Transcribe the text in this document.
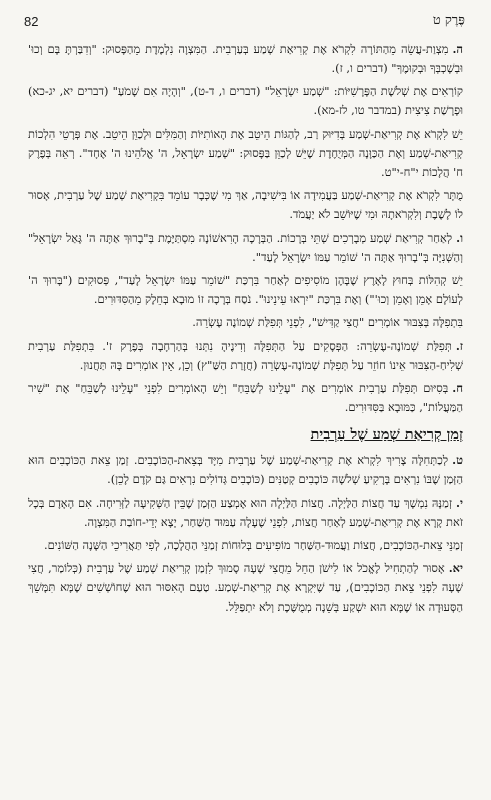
82	פֶּרֶק ט

ה.מִצְוַת-עֲשֵׂה מֵהַתּוֹרָה לִקְרֹא אֶת קְרִיאַת שְׁמַע בְּעַרְבִית. הַמִּצְוָה נִלְמֶדֶת מֵהַפָּסוּק: "וְדִבַּרְתָּ בָּם וְכוּ' וּבְשָׁכְבְּךָ וּבְקוּמֶךָ" (דברים ו, ז).

קוֹרְאִים אֶת שְׁלֹשֶׁת הַפָּרָשִׁיּוֹת: "שְׁמַע יִשְׂרָאֵל" (דברים ו, ד-ט), "וְהָיָה אִם שָׁמֹעַ" (דברים יא, יג-כא) וּפָרָשַׁת צִיצִית (במדבר טו, לז-מא).

יֵשׁ לִקְרֹא אֶת קְרִיאַת-שְׁמַע בְּדִיּוּק רַב, לְהַגּוֹת הֵיטֵב אֶת הָאוֹתִיּוֹת וְהַמִּלִּים וּלְכַוֵּן הֵיטֵב. אֶת פְּרָטֵי הִלְכוֹת קְרִיאַת-שְׁמַע וְאֶת הַכַּוָּנָה הַמְּיֻחֶדֶת שֶׁיֵּשׁ לְכַוֵּן בַּפָּסוּק: "שְׁמַע יִשְׂרָאֵל, ה' אֱלֹהֵינוּ ה' אֶחָד". רְאֵה בְּפֶרֶק ח' הֲלָכוֹת י"ח-י"ט.

מֻתָּר לִקְרֹא אֶת קְרִיאַת-שְׁמַע בַּעֲמִידָה אוֹ בִּישִׁיבָה, אַךְ מִי שֶׁכְּבָר עוֹמֵד בִּקְרִיאַת שְׁמַע שֶׁל עַרְבִית, אָסוּר לוֹ לָשֶׁבֶת וְלִקְרֹאתָהּ וּמִי שֶׁיּוֹשֵׁב לֹא יַעֲמֹד.

ו.לְאַחַר קְרִיאַת שְׁמַע מְבָרְכִים שְׁתֵּי בְּרָכוֹת. הַבְּרָכָה הָרִאשׁוֹנָה מִסְתַּיֶּמֶת בְּ"בָרוּךְ אַתָּה ה' גָּאַל יִשְׂרָאֵל" וְהַשְּׁנִיָּה בְּ"בָרוּךְ אַתָּה ה' שׁוֹמֵר עַמּוֹ יִשְׂרָאֵל לָעַד".

יֵשׁ קְהִלּוֹת בְּחוּץ לָאָרֶץ שֶׁבָּהֶן מוֹסִיפִים לְאַחַר בִּרְכַּת "שׁוֹמֵר עַמּוֹ יִשְׂרָאֵל לָעַד", פְּסוּקִים ("בָּרוּךְ ה' לְעוֹלָם אָמֵן וְאָמֵן וְכוּ'") וְאֶת בִּרְכַּת "יִרְאוּ עֵינֵינוּ". נֹסַח בְּרָכָה זוֹ מוּבָא בְּחֵלֶק מֵהַסִּדּוּרִים.

בִּתְפִלָּה בְּצִבּוּר אוֹמְרִים "חֲצִי קַדִּישׁ", לִפְנֵי תְּפִלַּת שְׁמוֹנֶה עֶשְׂרֵה.

ז.תְּפִלַּת שְׁמוֹנֶה-עֶשְׂרֵה: הַפְּסָקִים עַל הַתְּפִלָּה וְדִינֶיהָ נִתְּנוּ בְּהַרְחָבָה בְּפֶרֶק ז'. בִּתְפִלַּת עַרְבִית שְׁלִיחַ-הַצִּבּוּר אֵינוֹ חוֹזֵר עַל תְּפִלַּת שְׁמוֹנֶה-עֶשְׂרֵה (חֲזָרַת הַשַּׁ"ץ) וְכֵן, אֵין אוֹמְרִים בָּהּ תַּחֲנוּן.

ח.בְּסִיּוּם תְּפִלַּת עַרְבִית אוֹמְרִים אֶת "עָלֵינוּ לְשַׁבֵּחַ" וְיֵשׁ הָאוֹמְרִים לִפְנֵי "עָלֵינוּ לְשַׁבֵּחַ" אֶת "שִׁיר הַמַּעֲלוֹת", כַּמּוּבָא בַּסִּדּוּרִים.

זְמַן קְרִיאַת שְׁמַע שֶׁל עַרְבִית

ט.לְכַתְּחִלָּה צָרִיךְ לִקְרֹא אֶת קְרִיאַת-שְׁמַע שֶׁל עַרְבִית מִיָּד בְּצֵאת-הַכּוֹכָבִים. זְמַן צֵאת הַכּוֹכָבִים הוּא הַזְּמַן שֶׁבּוֹ נִרְאִים בָּרָקִיעַ שְׁלֹשָׁה כּוֹכָבִים קְטַנִּים (כּוֹכָבִים גְּדוֹלִים נִרְאִים גַּם קֹדֶם לָכֵן).

י.זְמַנָּהּ נִמְשָׁךְ עַד חֲצוֹת הַלַּיְלָה. חֲצוֹת הַלַּיְלָה הוּא אֶמְצַע הַזְּמַן שֶׁבֵּין הַשְּׁקִיעָה לַזְּרִיחָה. אִם הָאָדָם בְּכָל זֹאת קָרָא אֶת קְרִיאַת-שְׁמַע לְאַחַר חֲצוֹת, לִפְנֵי שֶׁעָלָה עַמּוּד הַשַּׁחַר, יָצָא יְדֵי-חוֹבַת הַמִּצְוָה.

זְמַנֵּי צֵאת-הַכּוֹכָבִים, חֲצוֹת וַעֲמוּד-הַשַּׁחַר מוֹפִיעִים בְּלוּחוֹת זְמַנֵּי הַהֲלָכָה, לְפִי תַּאֲרִיכֵי הַשָּׁנָה הַשּׁוֹנִים.

יא.אָסוּר לְהַתְחִיל לֶאֱכֹל אוֹ לִישֹׁן הַחֵל מֵחֲצִי שָׁעָה סָמוּךְ לִזְמַן קְרִיאַת שְׁמַע שֶׁל עַרְבִית (כְּלוֹמַר, חֲצִי שָׁעָה לִפְנֵי צֵאת הַכּוֹכָבִים), עַד שֶׁיִּקְרָא אֶת קְרִיאַת-שְׁמַע. טַעַם הָאִסּוּר הוּא שֶׁחוֹשְׁשִׁים שֶׁמָּא תִּמָּשֵׁךְ הַסְּעוּדָה אוֹ שֶׁמָּא הוּא יִשְׁקַע בְּשֵׁנָה מְמֻשֶּׁכֶת וְלֹא יִתְפַּלֵּל.
